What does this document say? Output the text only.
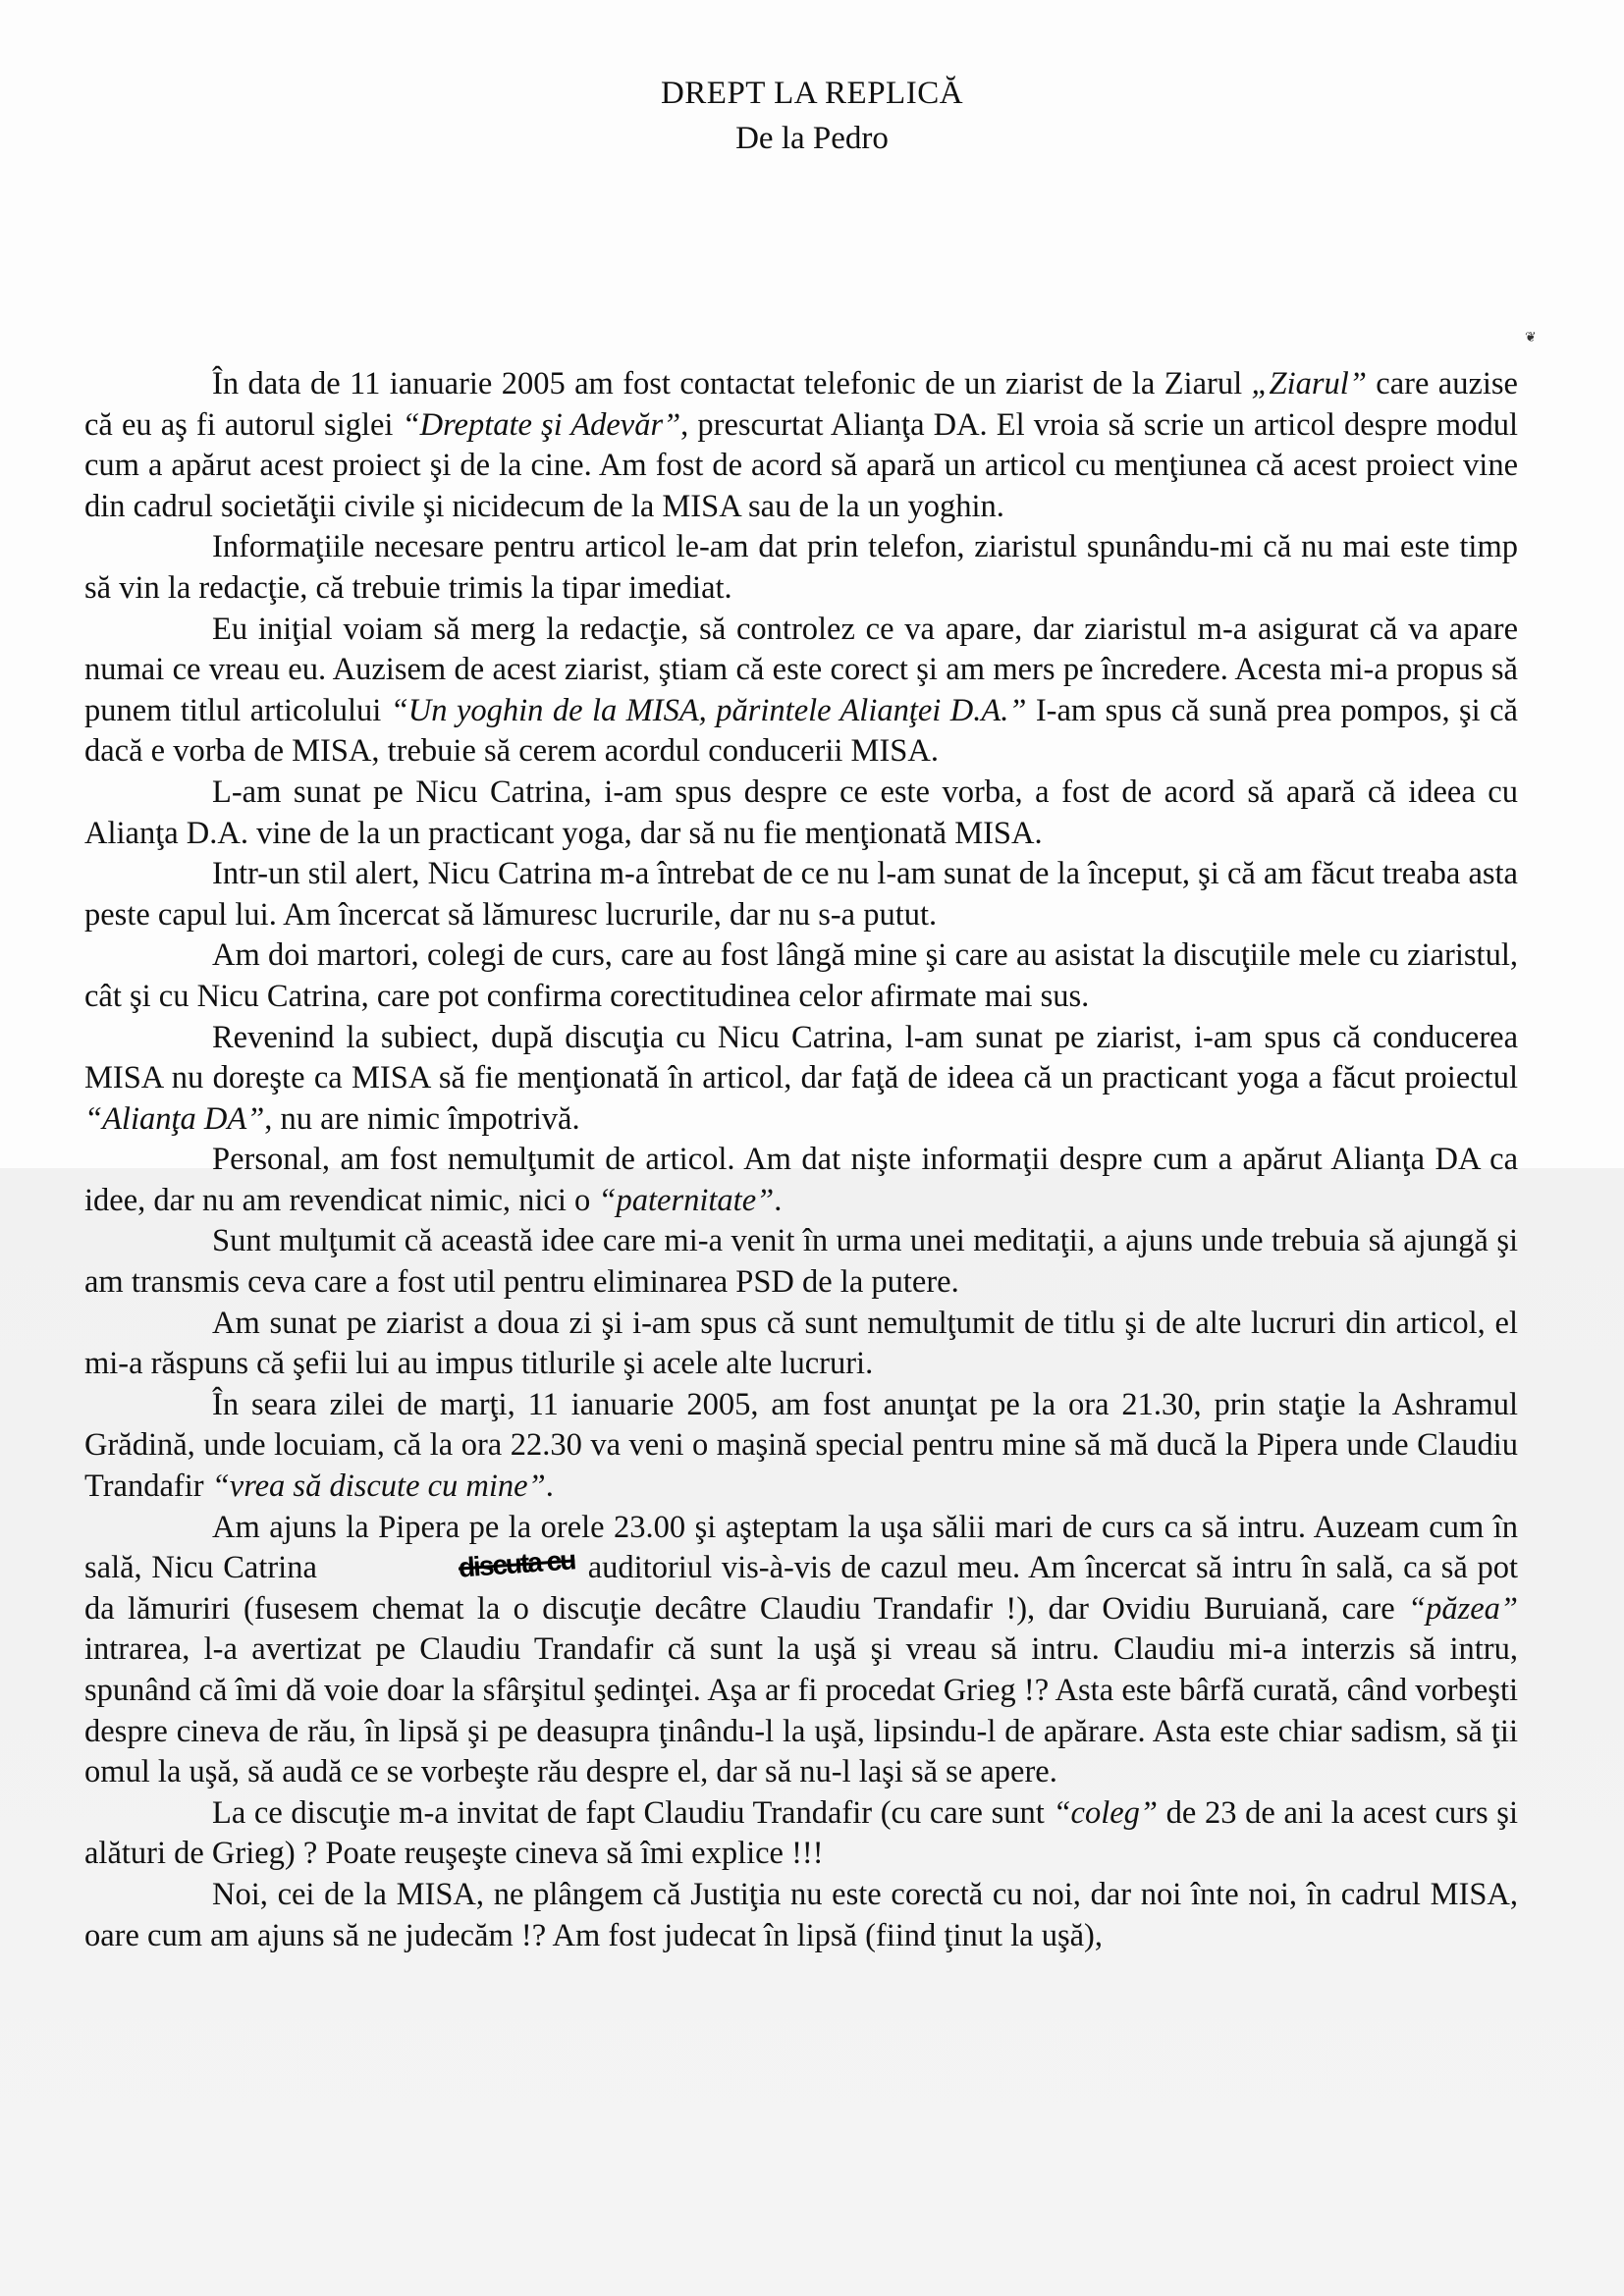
DREPT LA REPLICĂ
De la Pedro
❦

În data de 11 ianuarie 2005 am fost contactat telefonic de un ziarist de la Ziarul „Ziarul” care auzise că eu aş fi autorul siglei “Dreptate şi Adevăr”, prescurtat Alianţa DA. El vroia să scrie un articol despre modul cum a apărut acest proiect şi de la cine. Am fost de acord să apară un articol cu menţiunea că acest proiect vine din cadrul societăţii civile şi nicidecum de la MISA sau de la un yoghin.

Informaţiile necesare pentru articol le-am dat prin telefon, ziaristul spunându-mi că nu mai este timp să vin la redacţie, că trebuie trimis la tipar imediat.

Eu iniţial voiam să merg la redacţie, să controlez ce va apare, dar ziaristul m-a asigurat că va apare numai ce vreau eu. Auzisem de acest ziarist, ştiam că este corect şi am mers pe încredere. Acesta mi-a propus să punem titlul articolului “Un yoghin de la MISA, părintele Alianţei D.A.” I-am spus că sună prea pompos, şi că dacă e vorba de MISA, trebuie să cerem acordul conducerii MISA.

L-am sunat pe Nicu Catrina, i-am spus despre ce este vorba, a fost de acord să apară că ideea cu Alianţa D.A. vine de la un practicant yoga, dar să nu fie menţionată MISA.

Intr-un stil alert, Nicu Catrina m-a întrebat de ce nu l-am sunat de la început, şi că am făcut treaba asta peste capul lui. Am încercat să lămuresc lucrurile, dar nu s-a putut.

Am doi martori, colegi de curs, care au fost lângă mine şi care au asistat la discuţiile mele cu ziaristul, cât şi cu Nicu Catrina, care pot confirma corectitudinea celor afirmate mai sus.

Revenind la subiect, după discuţia cu Nicu Catrina, l-am sunat pe ziarist, i-am spus că conducerea MISA nu doreşte ca MISA să fie menţionată în articol, dar faţă de ideea că un practicant yoga a făcut proiectul “Alianţa DA”, nu are nimic împotrivă.

Personal, am fost nemulţumit de articol. Am dat nişte informaţii despre cum a apărut Alianţa DA ca idee, dar nu am revendicat nimic, nici o “paternitate”.

Sunt mulţumit că această idee care mi-a venit în urma unei meditaţii, a ajuns unde trebuia să ajungă şi am transmis ceva care a fost util pentru eliminarea PSD de la putere.

Am sunat pe ziarist a doua zi şi i-am spus că sunt nemulţumit de titlu şi de alte lucruri din articol, el mi-a răspuns că şefii lui au impus titlurile şi acele alte lucruri.

În seara zilei de marţi, 11 ianuarie 2005, am fost anunţat pe la ora 21.30, prin staţie la Ashramul Grădină, unde locuiam, că la ora 22.30 va veni o maşină special pentru mine să mă ducă la Pipera unde Claudiu Trandafir “vrea să discute cu mine”.

Am ajuns la Pipera pe la orele 23.00 şi aşteptam la uşa sălii mari de curs ca să intru. Auzeam cum în sală, Nicu Catrina	discuta cu auditoriul vis-à-vis de cazul meu. Am încercat să intru în sală, ca să pot da lămuriri (fusesem chemat la o discuţie decâtre Claudiu Trandafir !), dar Ovidiu Buruiană, care “păzea” intrarea, l-a avertizat pe Claudiu Trandafir că sunt la uşă şi vreau să intru. Claudiu mi-a interzis să intru, spunând că îmi dă voie doar la sfârşitul şedinţei. Aşa ar fi procedat Grieg !? Asta este bârfă curată, când vorbeşti despre cineva de rău, în lipsă şi pe deasupra ţinându-l la uşă, lipsindu-l de apărare. Asta este chiar sadism, să ţii omul la uşă, să audă ce se vorbeşte rău despre el, dar să nu-l laşi să se apere.

La ce discuţie m-a invitat de fapt Claudiu Trandafir (cu care sunt “coleg” de 23 de ani la acest curs şi alături de Grieg) ? Poate reuşeşte cineva să îmi explice !!!

Noi, cei de la MISA, ne plângem că Justiţia nu este corectă cu noi, dar noi înte noi, în cadrul MISA, oare cum am ajuns să ne judecăm !? Am fost judecat în lipsă (fiind ţinut la uşă),
